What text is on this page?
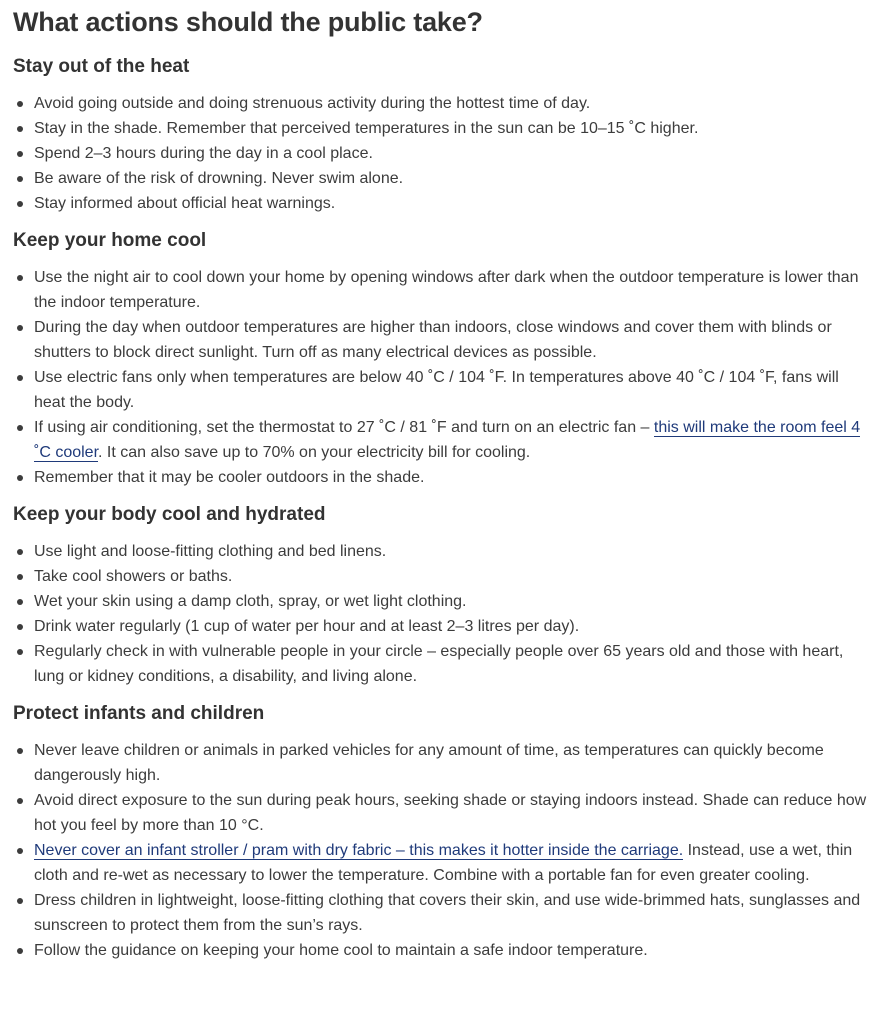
What actions should the public take?
Stay out of the heat
Avoid going outside and doing strenuous activity during the hottest time of day.
Stay in the shade. Remember that perceived temperatures in the sun can be 10–15 ˚C higher.
Spend 2–3 hours during the day in a cool place.
Be aware of the risk of drowning. Never swim alone.
Stay informed about official heat warnings.
Keep your home cool
Use the night air to cool down your home by opening windows after dark when the outdoor temperature is lower than the indoor temperature.
During the day when outdoor temperatures are higher than indoors, close windows and cover them with blinds or shutters to block direct sunlight. Turn off as many electrical devices as possible.
Use electric fans only when temperatures are below 40 ˚C / 104 ˚F. In temperatures above 40 ˚C / 104 ˚F, fans will heat the body.
If using air conditioning, set the thermostat to 27 ˚C / 81 ˚F and turn on an electric fan – this will make the room feel 4 ˚C cooler. It can also save up to 70% on your electricity bill for cooling.
Remember that it may be cooler outdoors in the shade.
Keep your body cool and hydrated
Use light and loose-fitting clothing and bed linens.
Take cool showers or baths.
Wet your skin using a damp cloth, spray, or wet light clothing.
Drink water regularly (1 cup of water per hour and at least 2–3 litres per day).
Regularly check in with vulnerable people in your circle – especially people over 65 years old and those with heart, lung or kidney conditions, a disability, and living alone.
Protect infants and children
Never leave children or animals in parked vehicles for any amount of time, as temperatures can quickly become dangerously high.
Avoid direct exposure to the sun during peak hours, seeking shade or staying indoors instead. Shade can reduce how hot you feel by more than 10 °C.
Never cover an infant stroller / pram with dry fabric – this makes it hotter inside the carriage. Instead, use a wet, thin cloth and re-wet as necessary to lower the temperature. Combine with a portable fan for even greater cooling.
Dress children in lightweight, loose-fitting clothing that covers their skin, and use wide-brimmed hats, sunglasses and sunscreen to protect them from the sun’s rays.
Follow the guidance on keeping your home cool to maintain a safe indoor temperature.
